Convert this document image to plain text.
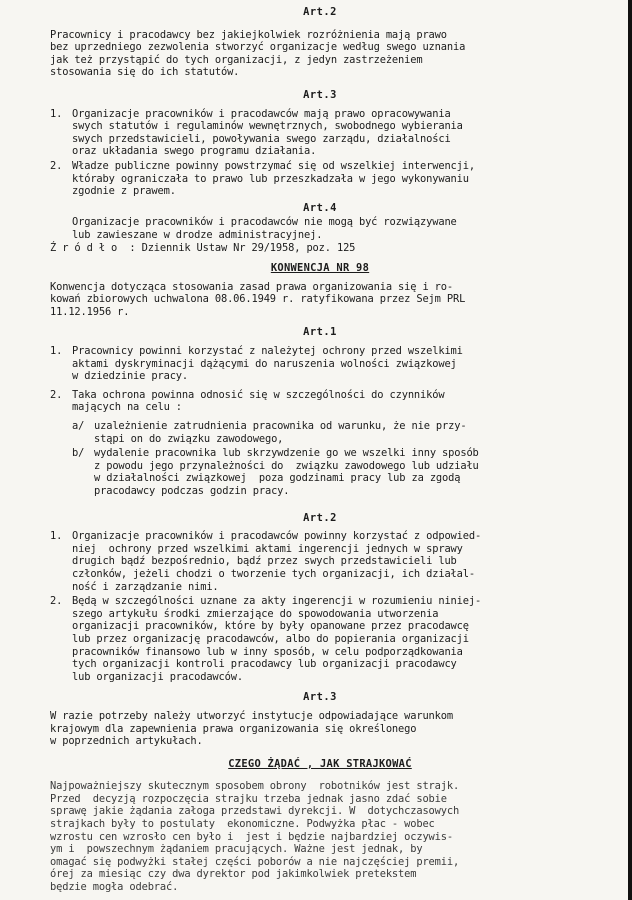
Art.2

Pracownicy i pracodawcy bez jakiejkolwiek rozróżnienia mają prawo
bez uprzedniego zezwolenia stworzyć organizacje według swego uznania
jak też przystąpić do tych organizacji, z jedyn zastrzeżeniem
stosowania się do ich statutów.

Art.3
1. Organizacje pracowników i pracodawców mają prawo opracowywania
swych statutów i regulaminów wewnętrznych, swobodnego wybierania
swych przedstawicieli, powoływania swego zarządu, działalności
oraz układania swego programu działania.
2. Władze publiczne powinny powstrzymać się od wszelkiej interwencji,
któraby ograniczała to prawo lub przeszkadzała w jego wykonywaniu
zgodnie z prawem.
Art.4

Organizacje pracowników i pracodawców nie mogą być rozwiązywane
lub zawieszane w drodze administracyjnej.

Ź r ó d ł o  : Dziennik Ustaw Nr 29/1958, poz. 125

KONWENCJA NR 98

Konwencja dotycząca stosowania zasad prawa organizowania się i ro-
kowań zbiorowych uchwalona 08.06.1949 r. ratyfikowana przez Sejm PRL
11.12.1956 r.

Art.1
1. Pracownicy powinni korzystać z należytej ochrony przed wszelkimi
aktami dyskryminacji dążącymi do naruszenia wolności związkowej
w dziedzinie pracy.
2. Taka ochrona powinna odnosić się w szczególności do czynników
mających na celu :
a/ uzależnienie zatrudnienia pracownika od warunku, że nie przy-
stąpi on do związku zawodowego,
b/ wydalenie pracownika lub skrzywdzenie go we wszelki inny sposób
z powodu jego przynależności do  związku zawodowego lub udziału
w działalności związkowej  poza godzinami pracy lub za zgodą
pracodawcy podczas godzin pracy.
Art.2
1. Organizacje pracowników i pracodawców powinny korzystać z odpowied-
niej  ochrony przed wszelkimi aktami ingerencji jednych w sprawy
drugich bądź bezpośrednio, bądź przez swych przedstawicieli lub
członków, jeżeli chodzi o tworzenie tych organizacji, ich działal-
ność i zarządzanie nimi.
2. Będą w szczególności uznane za akty ingerencji w rozumieniu niniej-
szego artykułu środki zmierzające do spowodowania utworzenia
organizacji pracowników, które by były opanowane przez pracodawcę
lub przez organizację pracodawców, albo do popierania organizacji
pracowników finansowo lub w inny sposób, w celu podporządkowania
tych organizacji kontroli pracodawcy lub organizacji pracodawcy
lub organizacji pracodawców.
Art.3

W razie potrzeby należy utworzyć instytucje odpowiadające warunkom
krajowym dla zapewnienia prawa organizowania się określonego
w poprzednich artykułach.

CZEGO ŻĄDAĆ , JAK STRAJKOWAĆ

Najpoważniejszy skutecznym sposobem obrony  robotników jest strajk.
Przed  decyzją rozpoczęcia strajku trzeba jednak jasno zdać sobie
sprawę jakie żądania załoga przedstawi dyrekcji. W  dotychczasowych
strajkach były to postulaty  ekonomiczne. Podwyżka płac - wobec
wzrostu cen wzrosło cen było i  jest i będzie najbardziej oczywis-
ym i  powszechnym żądaniem pracujących. Ważne jest jednak, by
omagać się podwyżki stałej części poborów a nie najczęściej premii,
órej za miesiąc czy dwa dyrektor pod jakimkolwiek pretekstem
będzie mogła odebrać.
